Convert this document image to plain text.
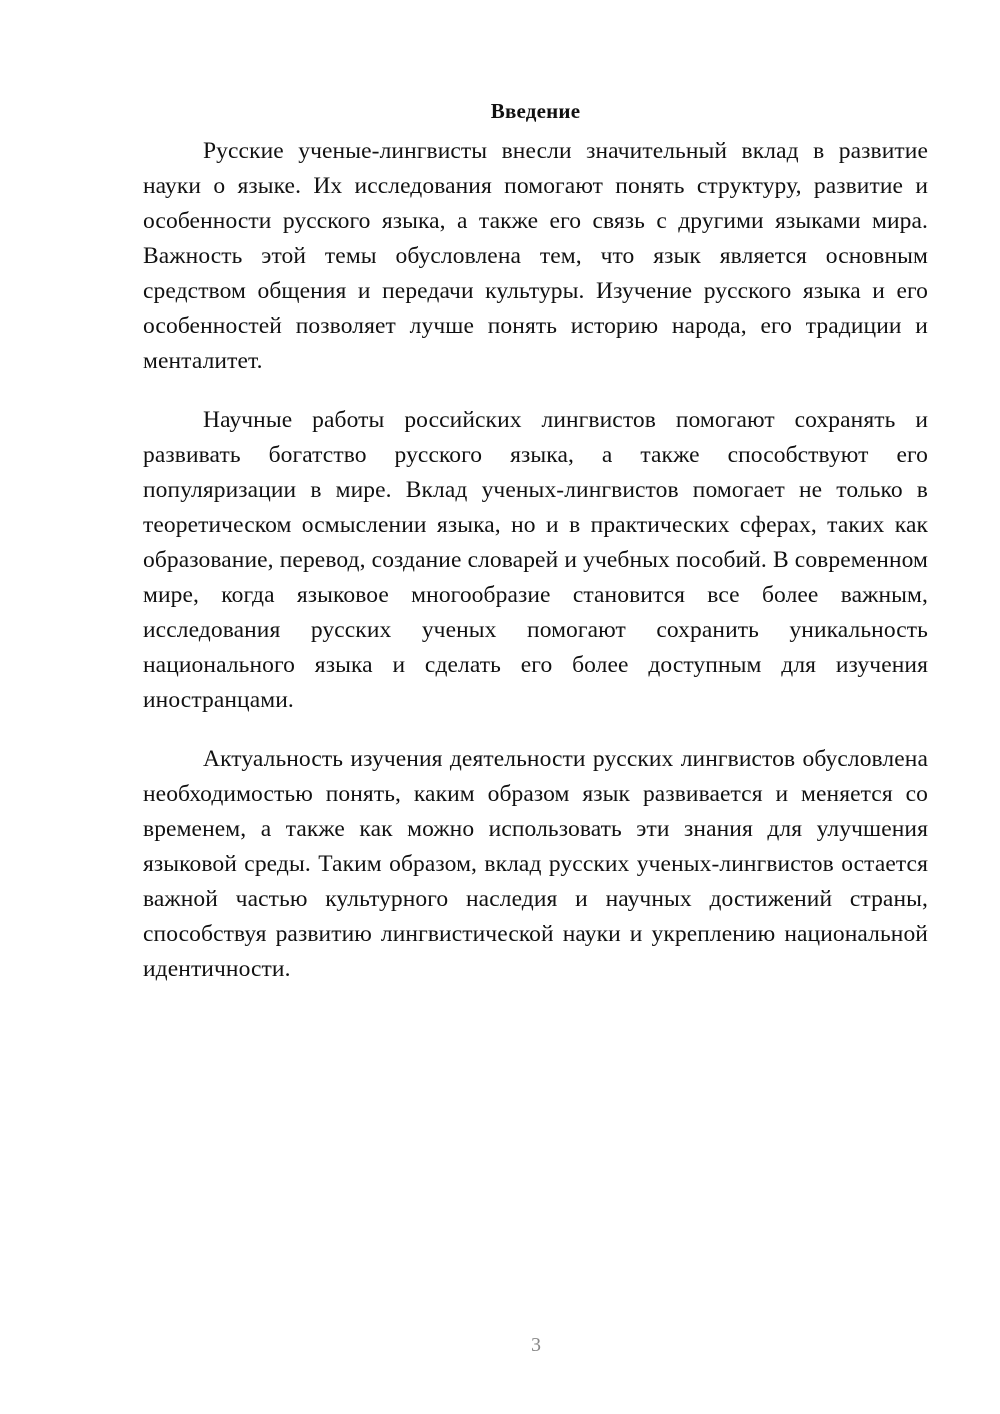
Введение

Русские ученые-лингвисты внесли значительный вклад в развитие науки о языке. Их исследования помогают понять структуру, развитие и особенности русского языка, а также его связь с другими языками мира. Важность этой темы обусловлена тем, что язык является основным средством общения и передачи культуры. Изучение русского языка и его особенностей позволяет лучше понять историю народа, его традиции и менталитет.

Научные работы российских лингвистов помогают сохранять и развивать богатство русского языка, а также способствуют его популяризации в мире. Вклад ученых-лингвистов помогает не только в теоретическом осмыслении языка, но и в практических сферах, таких как образование, перевод, создание словарей и учебных пособий. В современном мире, когда языковое многообразие становится все более важным, исследования русских ученых помогают сохранить уникальность национального языка и сделать его более доступным для изучения иностранцами.

Актуальность изучения деятельности русских лингвистов обусловлена необходимостью понять, каким образом язык развивается и меняется со временем, а также как можно использовать эти знания для улучшения языковой среды. Таким образом, вклад русских ученых-лингвистов остается важной частью культурного наследия и научных достижений страны, способствуя развитию лингвистической науки и укреплению национальной идентичности.

3
